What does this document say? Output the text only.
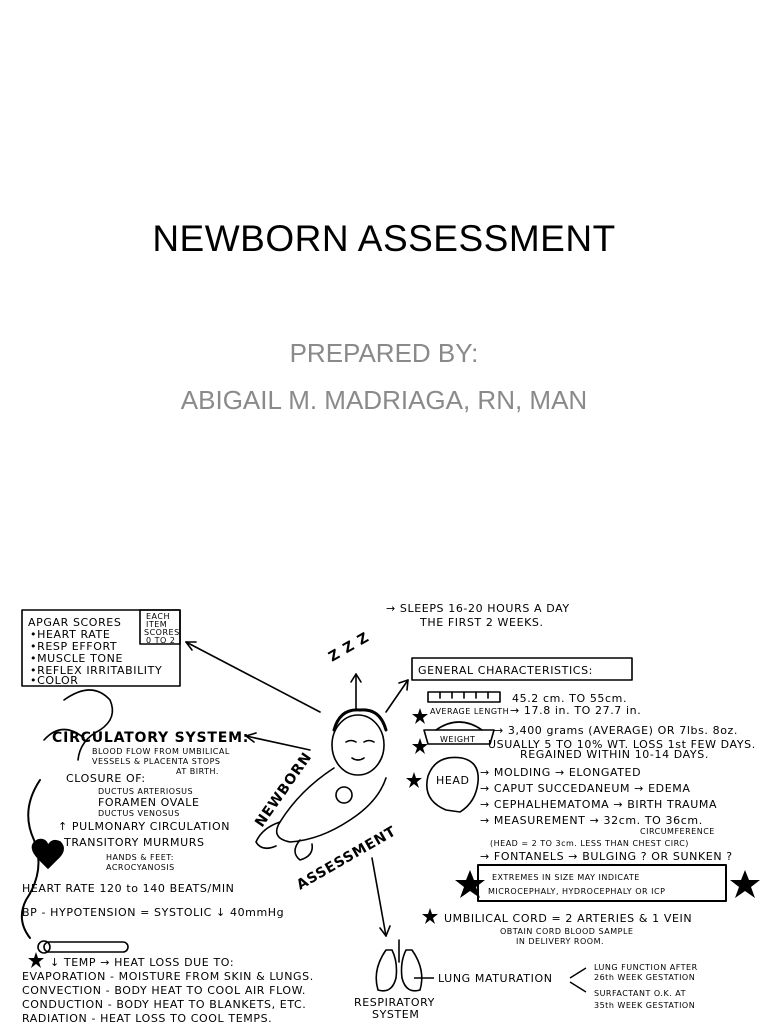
NEWBORN ASSESSMENT
PREPARED BY:
ABIGAIL M. MADRIAGA, RN, MAN
NEWBORN
ASSESSMENT
Z Z Z
→ SLEEPS 16-20 HOURS A DAY
THE FIRST 2 WEEKS.
APGAR SCORES	EACH
ITEM
SCORES
0 TO 2
•HEART RATE
•RESP EFFORT
•MUSCLE TONE
•REFLEX IRRITABILITY
•COLOR
CIRCULATORY SYSTEM:
BLOOD FLOW FROM UMBILICAL
VESSELS & PLACENTA STOPS
AT BIRTH.
CLOSURE OF:
DUCTUS ARTERIOSUS
FORAMEN OVALE
DUCTUS VENOSUS
↑ PULMONARY CIRCULATION
TRANSITORY MURMURS
HANDS & FEET:
ACROCYANOSIS
HEART RATE 120 to 140 BEATS/MIN
BP - HYPOTENSION = SYSTOLIC ↓ 40mmHg
↓ TEMP → HEAT LOSS DUE TO:
EVAPORATION - MOISTURE FROM SKIN & LUNGS.
CONVECTION - BODY HEAT TO COOL AIR FLOW.
CONDUCTION - BODY HEAT TO BLANKETS, ETC.
RADIATION - HEAT LOSS TO COOL TEMPS.
GENERAL CHARACTERISTICS:
45.2 cm. TO 55cm.
AVERAGE LENGTH → 17.8 in. TO 27.7 in.
WEIGHT
→ 3,400 grams (AVERAGE) OR 7lbs. 8oz.
USUALLY 5 TO 10% WT. LOSS 1st FEW DAYS.
REGAINED WITHIN 10-14 DAYS.
HEAD
→ MOLDING → ELONGATED
→ CAPUT SUCCEDANEUM → EDEMA
→ CEPHALHEMATOMA → BIRTH TRAUMA
→ MEASUREMENT → 32cm. TO 36cm.
CIRCUMFERENCE
(HEAD = 2 TO 3cm. LESS THAN CHEST CIRC)
→ FONTANELS → BULGING ? OR SUNKEN ?
EXTREMES IN SIZE MAY INDICATE
MICROCEPHALY, HYDROCEPHALY OR ICP
UMBILICAL CORD = 2 ARTERIES & 1 VEIN
OBTAIN CORD BLOOD SAMPLE
IN DELIVERY ROOM.
RESPIRATORY
SYSTEM
LUNG MATURATION
LUNG FUNCTION AFTER
26th WEEK GESTATION
SURFACTANT O.K. AT
35th WEEK GESTATION
